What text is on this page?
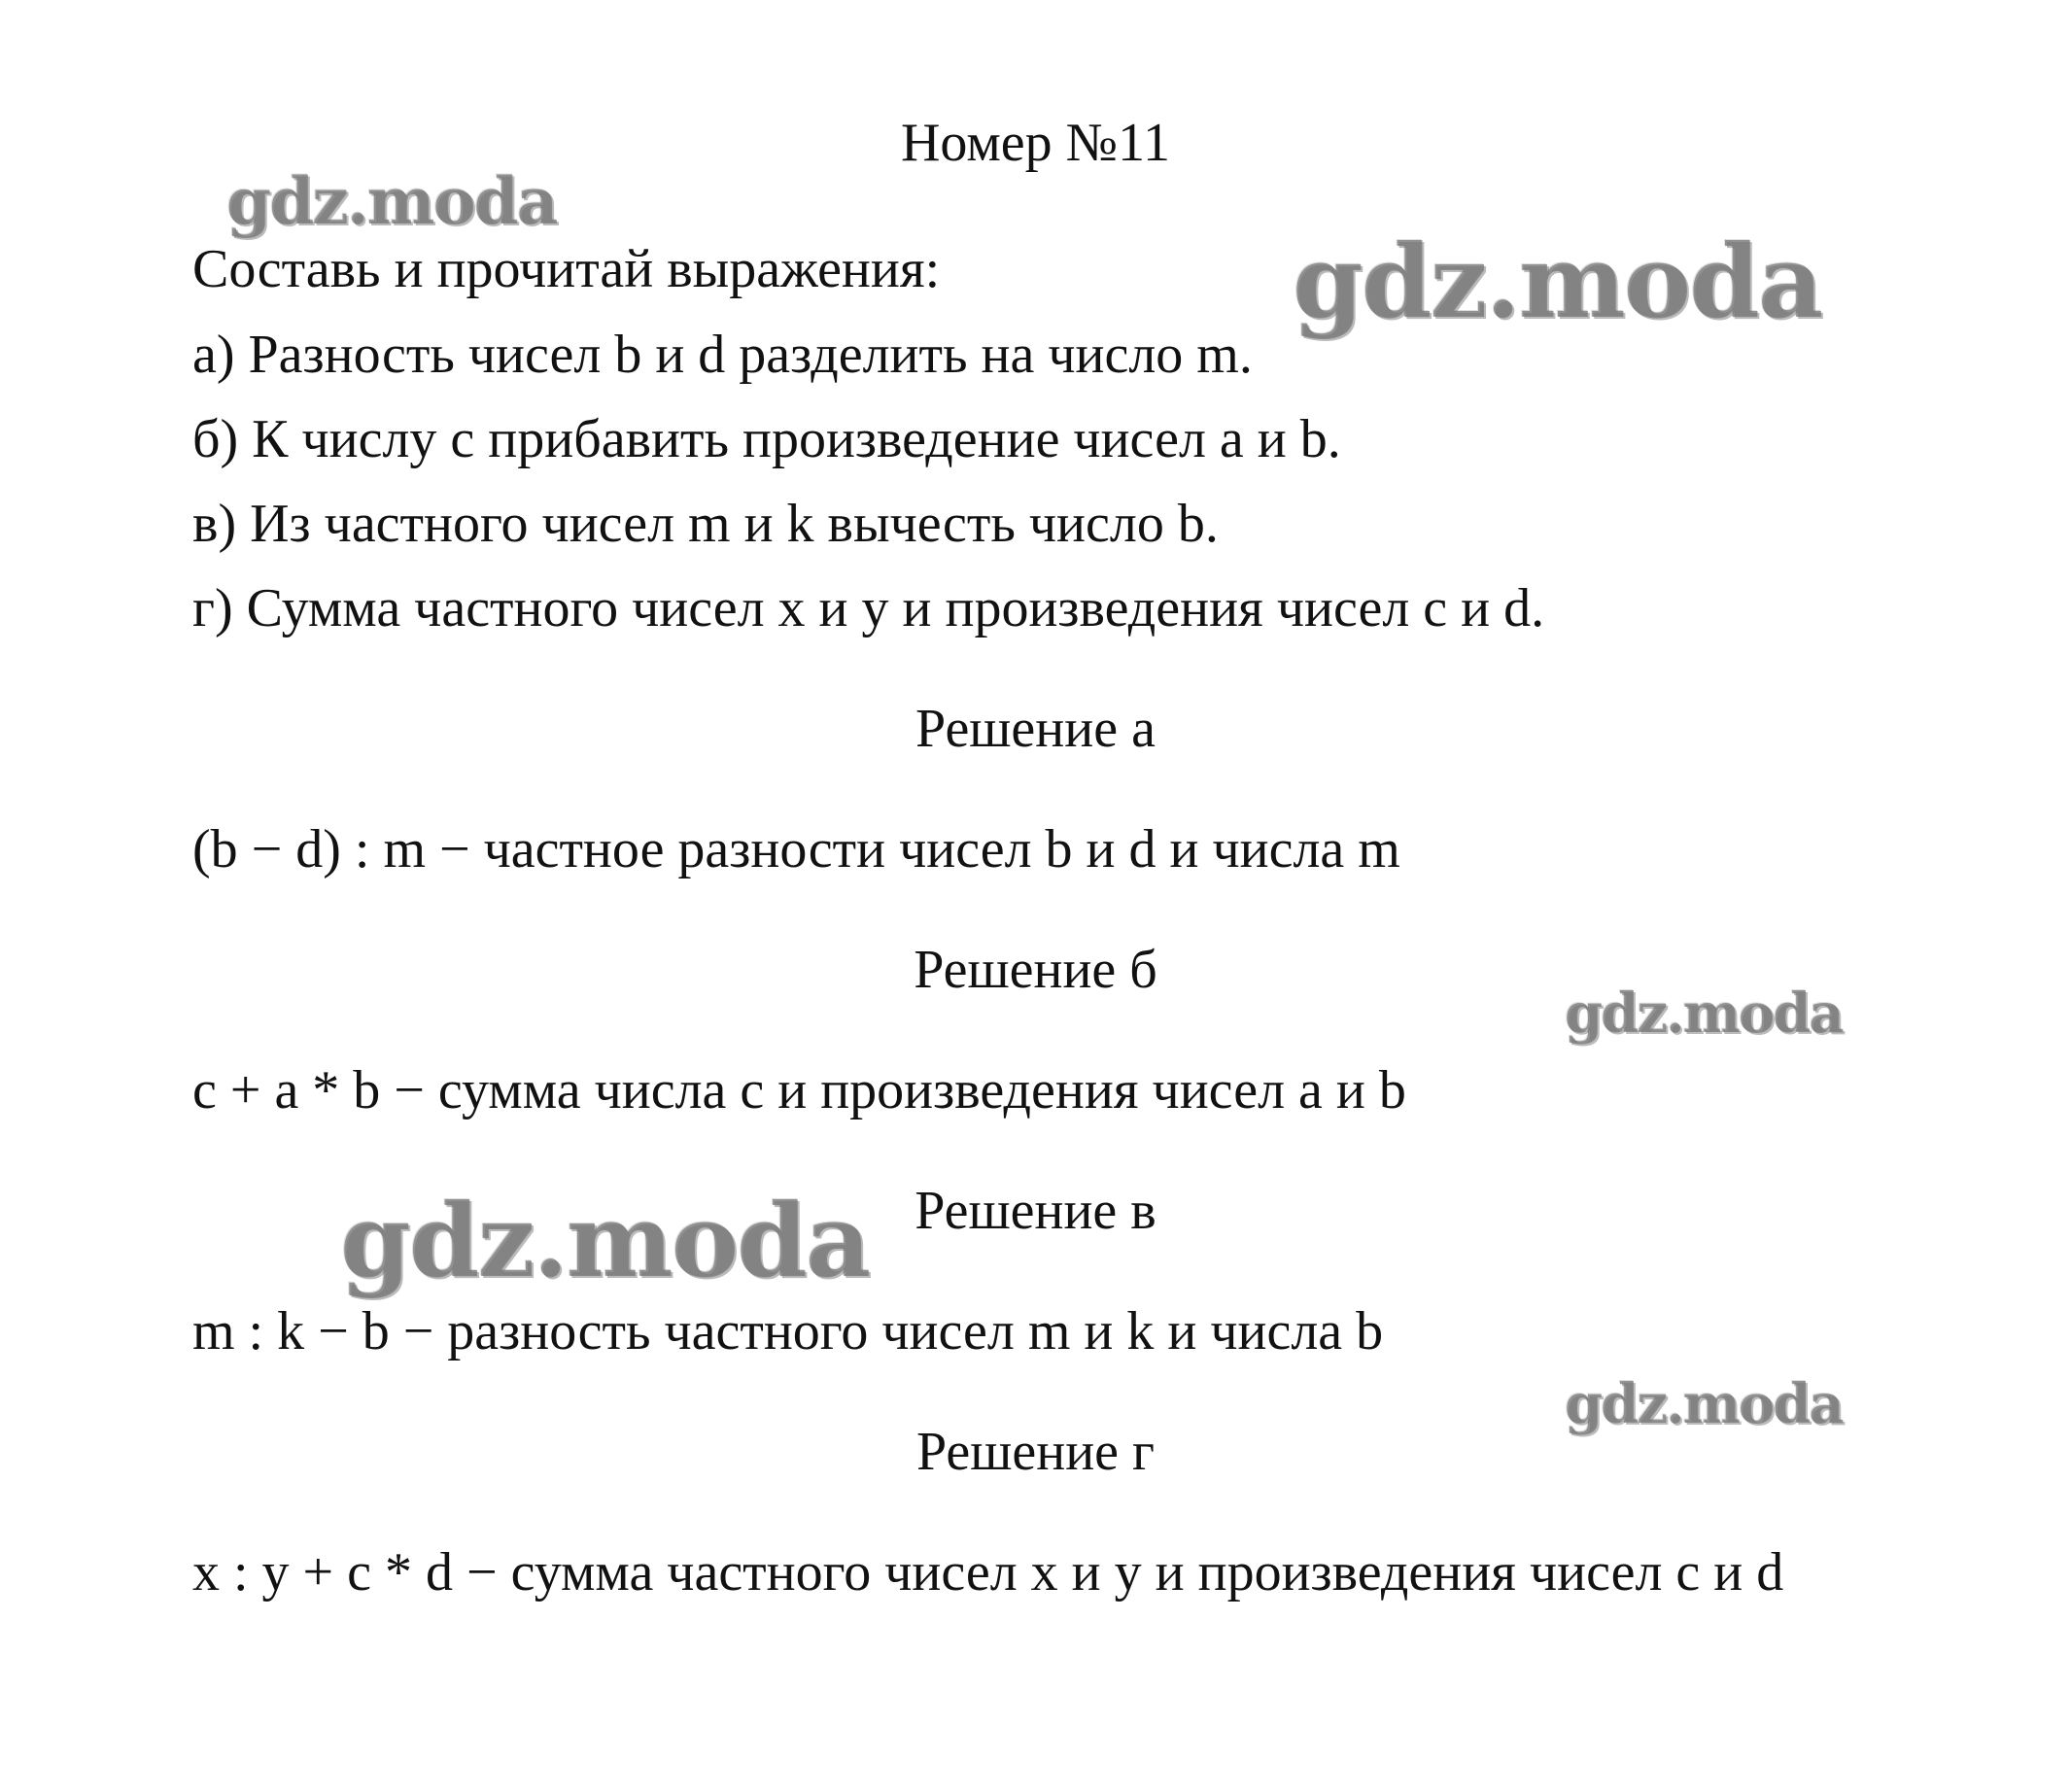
Номер №11
Составь и прочитай выражения:
а) Разность чисел b и d разделить на число m.
б) К числу с прибавить произведение чисел a и b.
в) Из частного чисел m и k вычесть число b.
г) Сумма частного чисел x и y и произведения чисел c и d.
Решение а
(b − d) : m − частное разности чисел b и d и числа m
Решение б
c + a * b − сумма числа с и произведения чисел a и b
Решение в
m : k − b − разность частного чисел m и k и числа b
Решение г
x : y + c * d − сумма частного чисел x и y и произведения чисел c и d
gdz.moda
gdz.moda
gdz.moda
gdz.moda
gdz.moda
